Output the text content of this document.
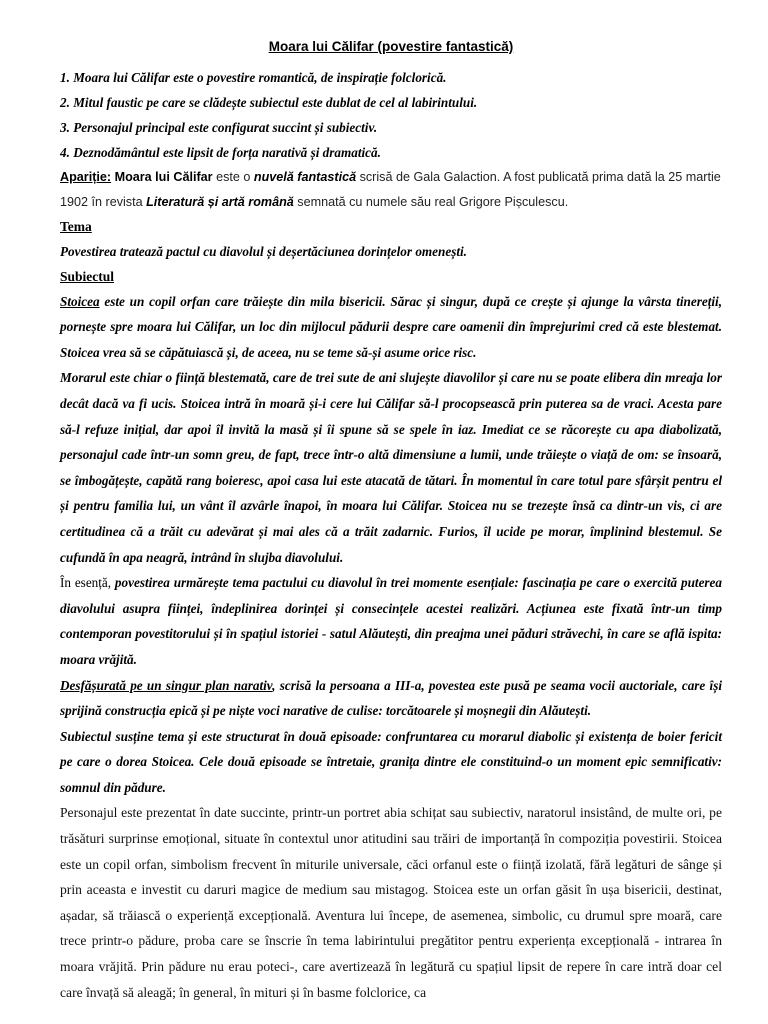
Moara lui Călifar (povestire fantastică)

1. Moara lui Călifar este o povestire romantică, de inspirație folclorică.

2. Mitul faustic pe care se clădește subiectul este dublat de cel al labirintului.

3. Personajul principal este configurat succint și subiectiv.

4. Deznodământul este lipsit de forța narativă și dramatică.

Apariție: Moara lui Călifar este o nuvelă fantastică scrisă de Gala Galaction. A fost publicată prima dată la 25 martie 1902 în revista Literatură și artă română semnată cu numele său real Grigore Pișculescu.

Tema

Povestirea tratează pactul cu diavolul și deșertăciunea dorințelor omenești.

Subiectul

Stoicea este un copil orfan care trăiește din mila bisericii. Sărac și singur, după ce crește și ajunge la vârsta tinereții, pornește spre moara lui Călifar, un loc din mijlocul pădurii despre care oamenii din împrejurimi cred că este blestemat. Stoicea vrea să se căpătuiască și, de aceea, nu se teme să-și asume orice risc.

Morarul este chiar o ființă blestemată, care de trei sute de ani slujește diavolilor și care nu se poate elibera din mreaja lor decât dacă va fi ucis. Stoicea intră în moară și-i cere lui Călifar să-l procopsească prin puterea sa de vraci. Acesta pare să-l refuze inițial, dar apoi îl invită la masă și îi spune să se spele în iaz. Imediat ce se răcorește cu apa diabolizată, personajul cade într-un somn greu, de fapt, trece într-o altă dimensiune a lumii, unde trăiește o viață de om: se însoară, se îmbogățește, capătă rang boieresc, apoi casa lui este atacată de tătari. În momentul în care totul pare sfârșit pentru el și pentru familia lui, un vânt îl azvârle înapoi, în moara lui Călifar. Stoicea nu se trezește însă ca dintr-un vis, ci are certitudinea că a trăit cu adevărat și mai ales că a trăit zadarnic. Furios, îl ucide pe morar, împlinind blestemul. Se cufundă în apa neagră, intrând în slujba diavolului.

În esență, povestirea urmărește tema pactului cu diavolul în trei momente esențiale: fascinația pe care o exercită puterea diavolului asupra ființei, îndeplinirea dorinței și consecințele acestei realizări. Acțiunea este fixată într-un timp contemporan povestitorului și în spațiul istoriei - satul Alăutești, din preajma unei păduri străvechi, în care se află ispita: moara vrăjită.

Desfășurată pe un singur plan narativ, scrisă la persoana a III-a, povestea este pusă pe seama vocii auctoriale, care își sprijină construcția epică și pe niște voci narative de culise: torcătoarele și moșnegii din Alăutești.

Subiectul susține tema și este structurat în două episoade: confruntarea cu morarul diabolic și existența de boier fericit pe care o dorea Stoicea. Cele două episoade se întretaie, granița dintre ele constituind-o un moment epic semnificativ: somnul din pădure.

Personajul este prezentat în date succinte, printr-un portret abia schițat sau subiectiv, naratorul insistând, de multe ori, pe trăsături surprinse emoțional, situate în contextul unor atitudini sau trăiri de importanță în compoziția povestirii. Stoicea este un copil orfan, simbolism frecvent în miturile universale, căci orfanul este o ființă izolată, fără legături de sânge și prin aceasta e investit cu daruri magice de medium sau mistagog. Stoicea este un orfan găsit în ușa bisericii, destinat, așadar, să trăiască o experiență excepțională. Aventura lui începe, de asemenea, simbolic, cu drumul spre moară, care trece printr-o pădure, proba care se înscrie în tema labirintului pregătitor pentru experiența excepțională - intrarea în moara vrăjită. Prin pădure nu erau poteci-, care avertizează în legătură cu spațiul lipsit de repere în care intră doar cel care învață să aleagă; în general, în mituri și în basme folclorice, ca
